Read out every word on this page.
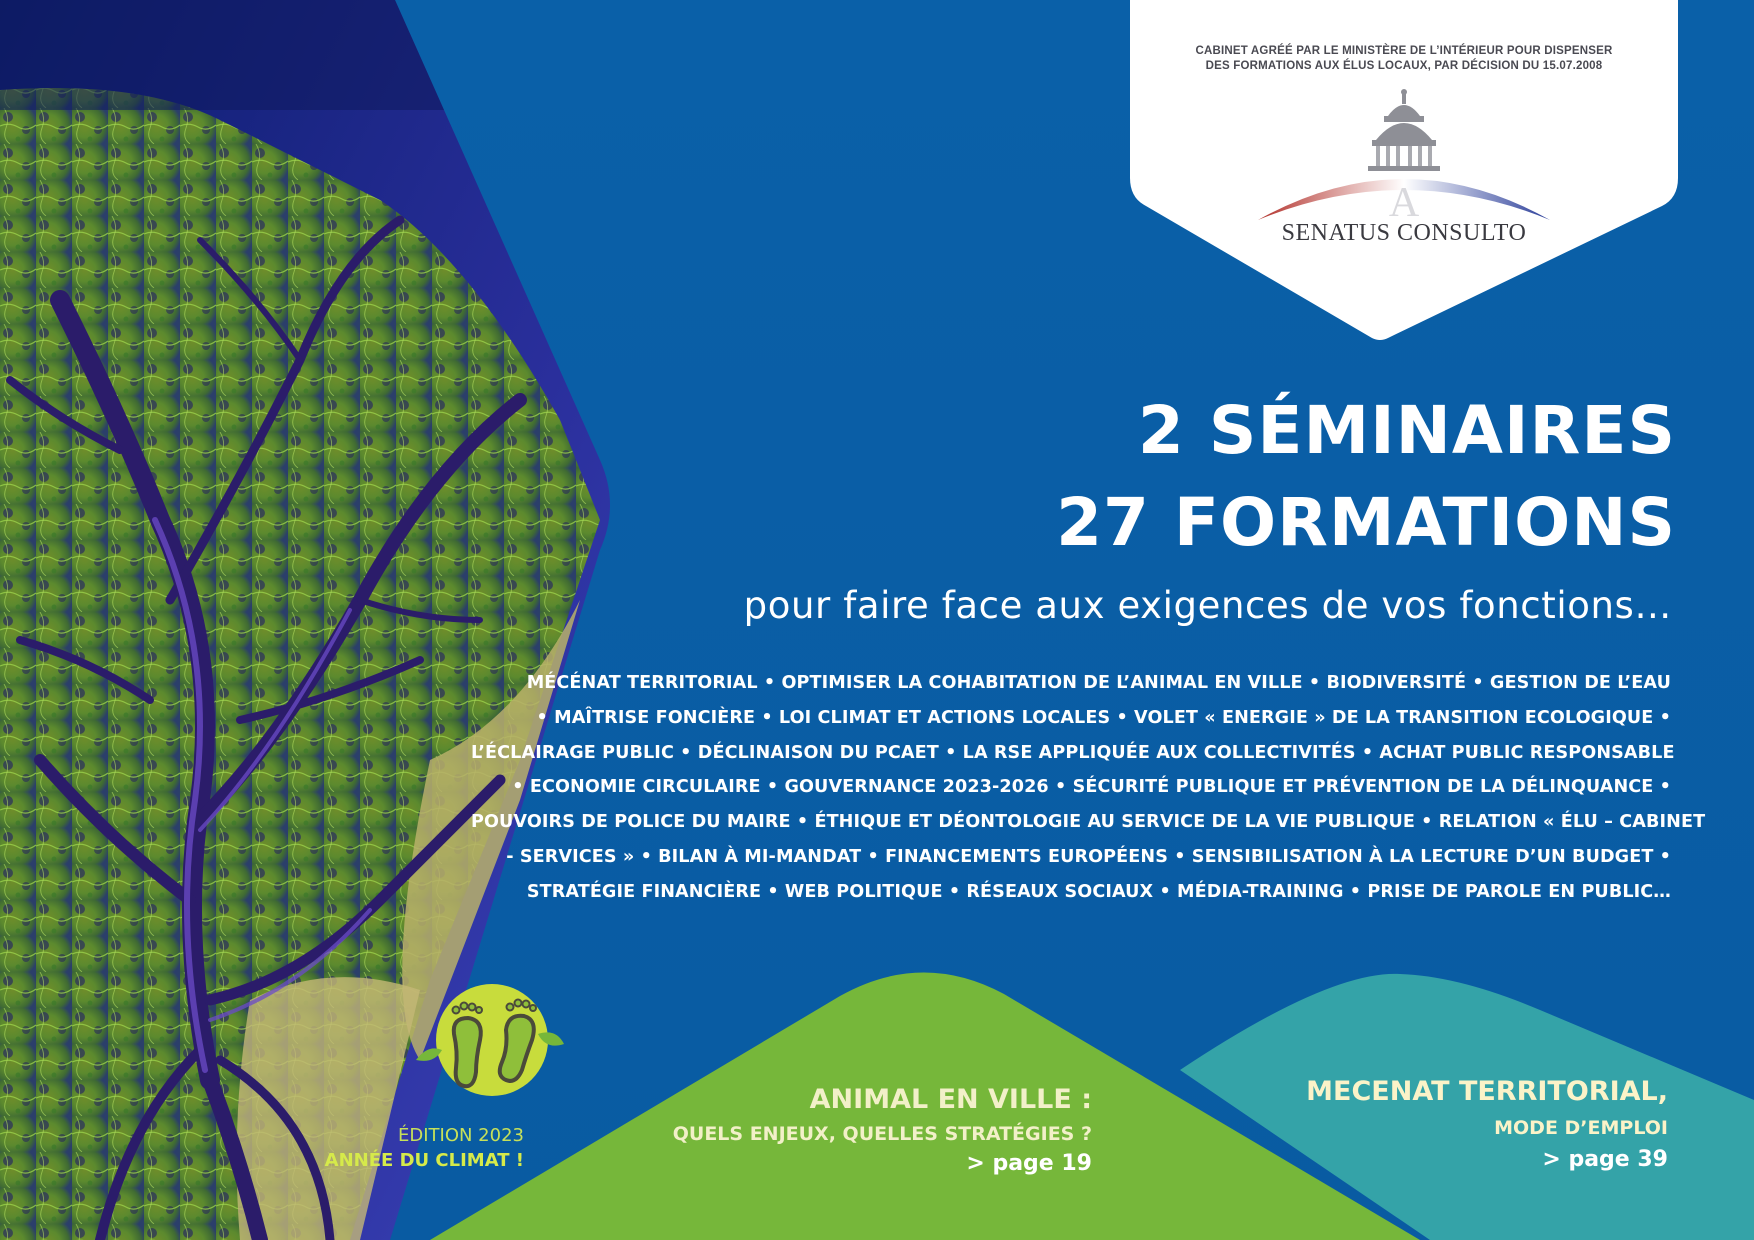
CABINET AGRÉÉ PAR LE MINISTÈRE DE L’INTÉRIEUR POUR DISPENSER
DES FORMATIONS AUX ÉLUS LOCAUX, PAR DÉCISION DU 15.07.2008
A
SENATUS CONSULTO
2 SÉMINAIRES
27 FORMATIONS
pour faire face aux exigences de vos fonctions…
MÉCÉNAT TERRITORIAL • OPTIMISER LA COHABITATION DE L’ANIMAL EN VILLE • BIODIVERSITÉ • GESTION DE L’EAU
• MAÎTRISE FONCIÈRE • LOI CLIMAT ET ACTIONS LOCALES • VOLET « ENERGIE » DE LA TRANSITION ECOLOGIQUE •
L’ÉCLAIRAGE PUBLIC • DÉCLINAISON DU PCAET • LA RSE APPLIQUÉE AUX COLLECTIVITÉS • ACHAT PUBLIC RESPONSABLE
• ECONOMIE CIRCULAIRE • GOUVERNANCE 2023-2026 • SÉCURITÉ PUBLIQUE ET PRÉVENTION DE LA DÉLINQUANCE •
POUVOIRS DE POLICE DU MAIRE • ÉTHIQUE ET DÉONTOLOGIE AU SERVICE DE LA VIE PUBLIQUE • RELATION « ÉLU – CABINET
- SERVICES » • BILAN À MI-MANDAT • FINANCEMENTS EUROPÉENS • SENSIBILISATION À LA LECTURE D’UN BUDGET •
STRATÉGIE FINANCIÈRE • WEB POLITIQUE • RÉSEAUX SOCIAUX • MÉDIA-TRAINING • PRISE DE PAROLE EN PUBLIC…
ANIMAL EN VILLE :
QUELS ENJEUX, QUELLES STRATÉGIES ?
> page 19
MECENAT TERRITORIAL,
MODE D’EMPLOI
> page 39
ÉDITION 2023
ANNÉE DU CLIMAT !
